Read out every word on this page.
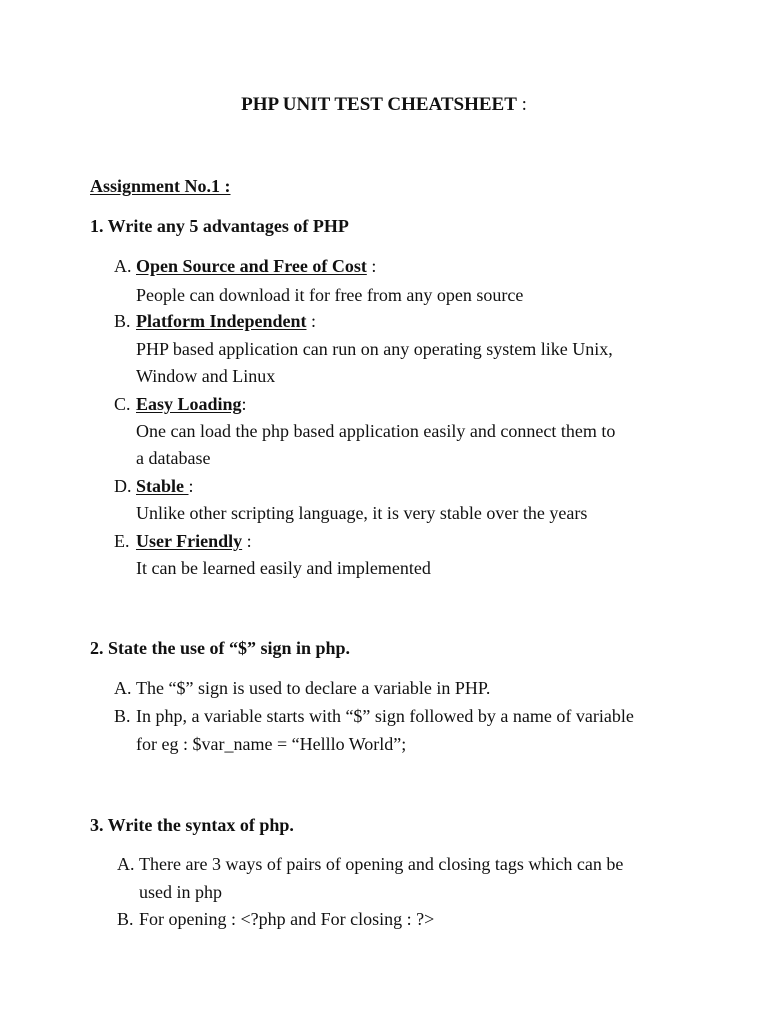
PHP UNIT TEST CHEATSHEET :
Assignment No.1 :
1. Write any 5 advantages of PHP
A. Open Source and Free of Cost :
People can download it for free from any open source
B. Platform Independent :
PHP based application can run on any operating system like Unix,
Window and Linux
C. Easy Loading:
One can load the php based application easily and connect them to
a database
D. Stable :
Unlike other scripting language, it is very stable over the years
E. User Friendly :
It can be learned easily and implemented
2. State the use of “$” sign in php.
A. The “$” sign is used to declare a variable in PHP.
B. In php, a variable starts with “$” sign followed by a name of variable
for eg : $var_name = “Helllo World”;
3. Write the syntax of php.
A. There are 3 ways of pairs of opening and closing tags which can be
used in php
B. For opening : <?php and For closing : ?>
